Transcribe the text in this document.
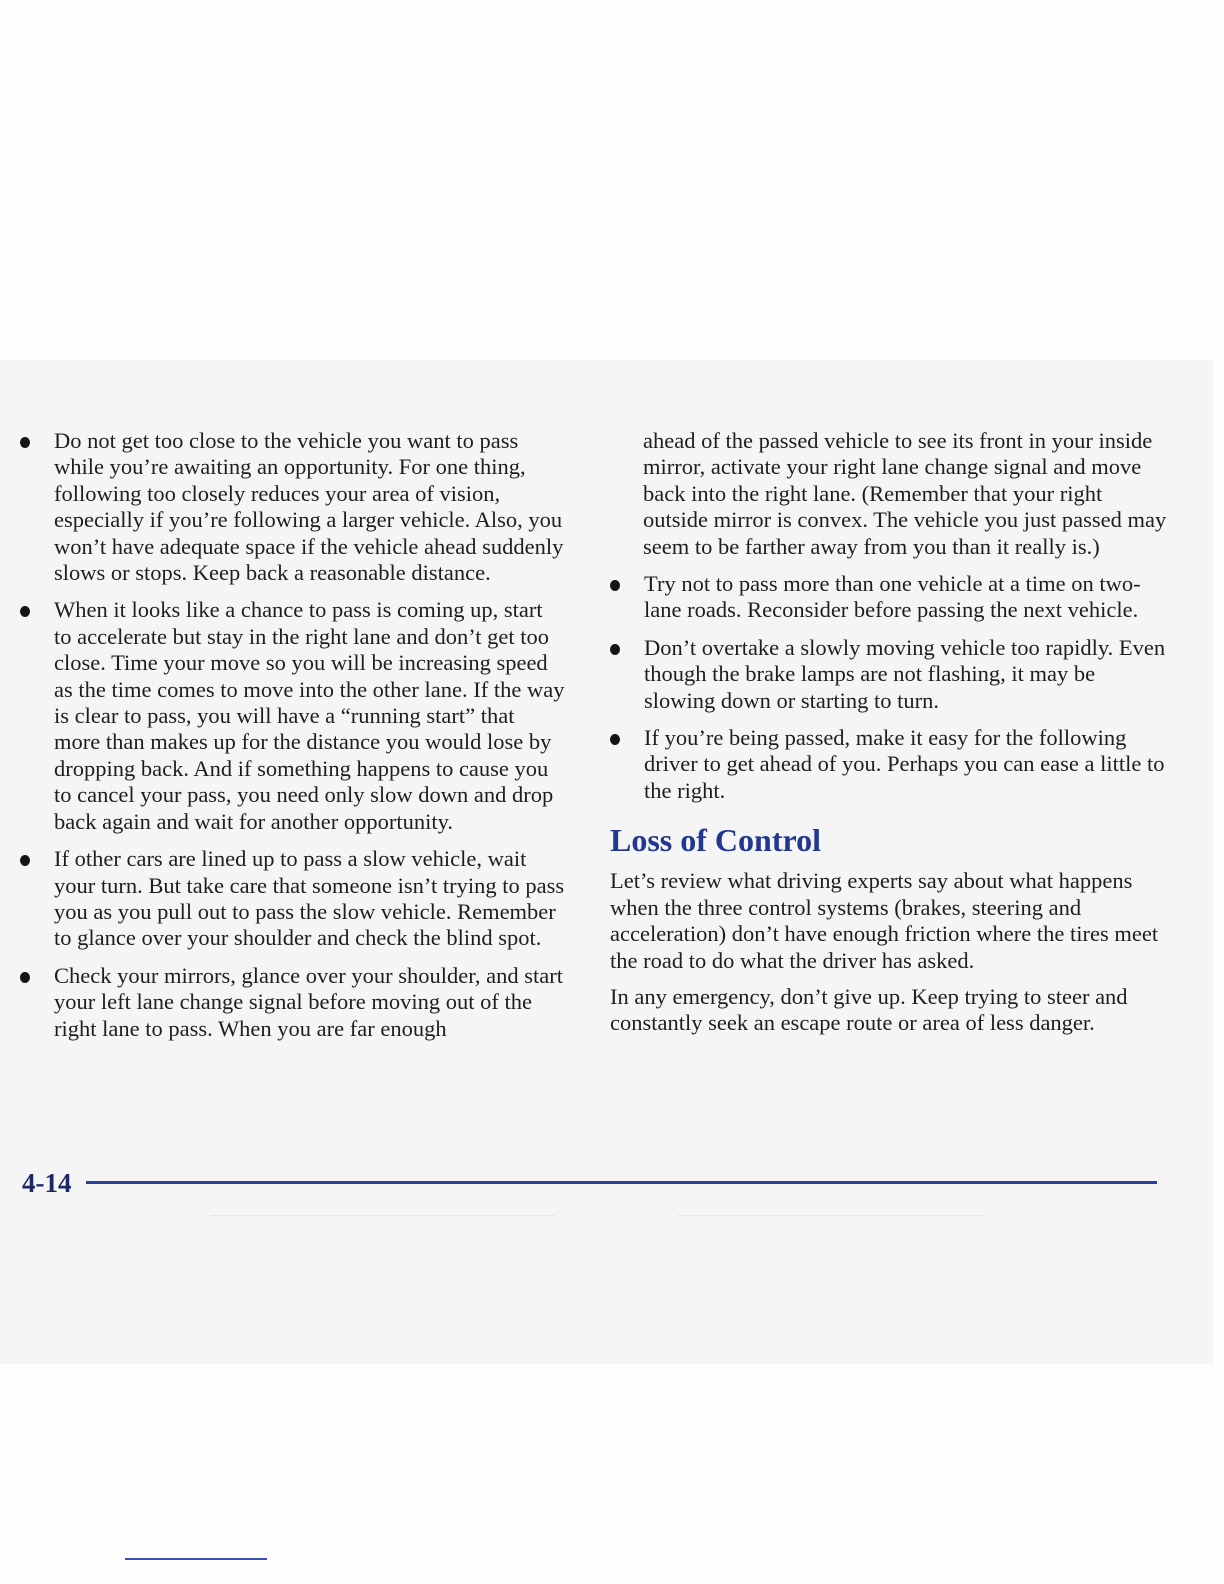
Do not get too close to the vehicle you want to pass while you’re awaiting an opportunity. For one thing, following too closely reduces your area of vision, especially if you’re following a larger vehicle. Also, you won’t have adequate space if the vehicle ahead suddenly slows or stops. Keep back a reasonable distance.
When it looks like a chance to pass is coming up, start to accelerate but stay in the right lane and don’t get too close. Time your move so you will be increasing speed as the time comes to move into the other lane. If the way is clear to pass, you will have a “running start” that more than makes up for the distance you would lose by dropping back. And if something happens to cause you to cancel your pass, you need only slow down and drop back again and wait for another opportunity.
If other cars are lined up to pass a slow vehicle, wait your turn. But take care that someone isn’t trying to pass you as you pull out to pass the slow vehicle. Remember to glance over your shoulder and check the blind spot.
Check your mirrors, glance over your shoulder, and start your left lane change signal before moving out of the right lane to pass. When you are far enough
ahead of the passed vehicle to see its front in your inside mirror, activate your right lane change signal and move back into the right lane. (Remember that your right outside mirror is convex. The vehicle you just passed may seem to be farther away from you than it really is.)
Try not to pass more than one vehicle at a time on two-lane roads. Reconsider before passing the next vehicle.
Don’t overtake a slowly moving vehicle too rapidly. Even though the brake lamps are not flashing, it may be slowing down or starting to turn.
If you’re being passed, make it easy for the following driver to get ahead of you. Perhaps you can ease a little to the right.
Loss of Control
Let’s review what driving experts say about what happens when the three control systems (brakes, steering and acceleration) don’t have enough friction where the tires meet the road to do what the driver has asked.
In any emergency, don’t give up. Keep trying to steer and constantly seek an escape route or area of less danger.
4-14
